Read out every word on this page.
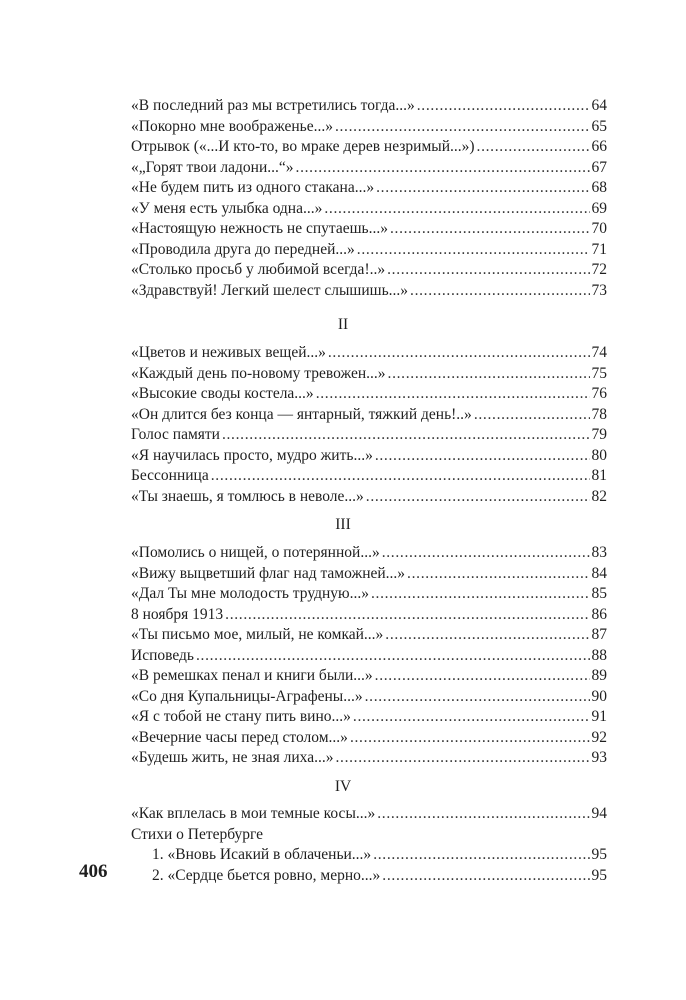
«В последний раз мы встретились тогда...» . . .	64
«Покорно мне воображенье...» . . .	65
Отрывок («...И кто-то, во мраке дерев незримый...») . . .	66
«„Горят твои ладони...“» . . .	67
«Не будем пить из одного стакана...» . . .	68
«У меня есть улыбка одна...» . . .	69
«Настоящую нежность не спутаешь...» . . .	70
«Проводила друга до передней...» . . .	71
«Столько просьб у любимой всегда!..» . . .	72
«Здравствуй! Легкий шелест слышишь...» . . .	73
II
«Цветов и неживых вещей...» . . .	74
«Каждый день по-новому тревожен...» . . .	75
«Высокие своды костела...» . . .	76
«Он длится без конца — янтарный, тяжкий день!..» . . .	78
Голос памяти . . .	79
«Я научилась просто, мудро жить...» . . .	80
Бессонница . . .	81
«Ты знаешь, я томлюсь в неволе...» . . .	82
III
«Помолись о нищей, о потерянной...» . . .	83
«Вижу выцветший флаг над таможней...» . . .	84
«Дал Ты мне молодость трудную...» . . .	85
8 ноября 1913 . . .	86
«Ты письмо мое, милый, не комкай...» . . .	87
Исповедь . . .	88
«В ремешках пенал и книги были...» . . .	89
«Со дня Купальницы-Аграфены...» . . .	90
«Я с тобой не стану пить вино...» . . .	91
«Вечерние часы перед столом...» . . .	92
«Будешь жить, не зная лиха...» . . .	93
IV
«Как вплелась в мои темные косы...» . . .	94
Стихи о Петербурге
1. «Вновь Исакий в облаченьи...» . . .	95
2. «Сердце бьется ровно, мерно...» . . .	95
406
